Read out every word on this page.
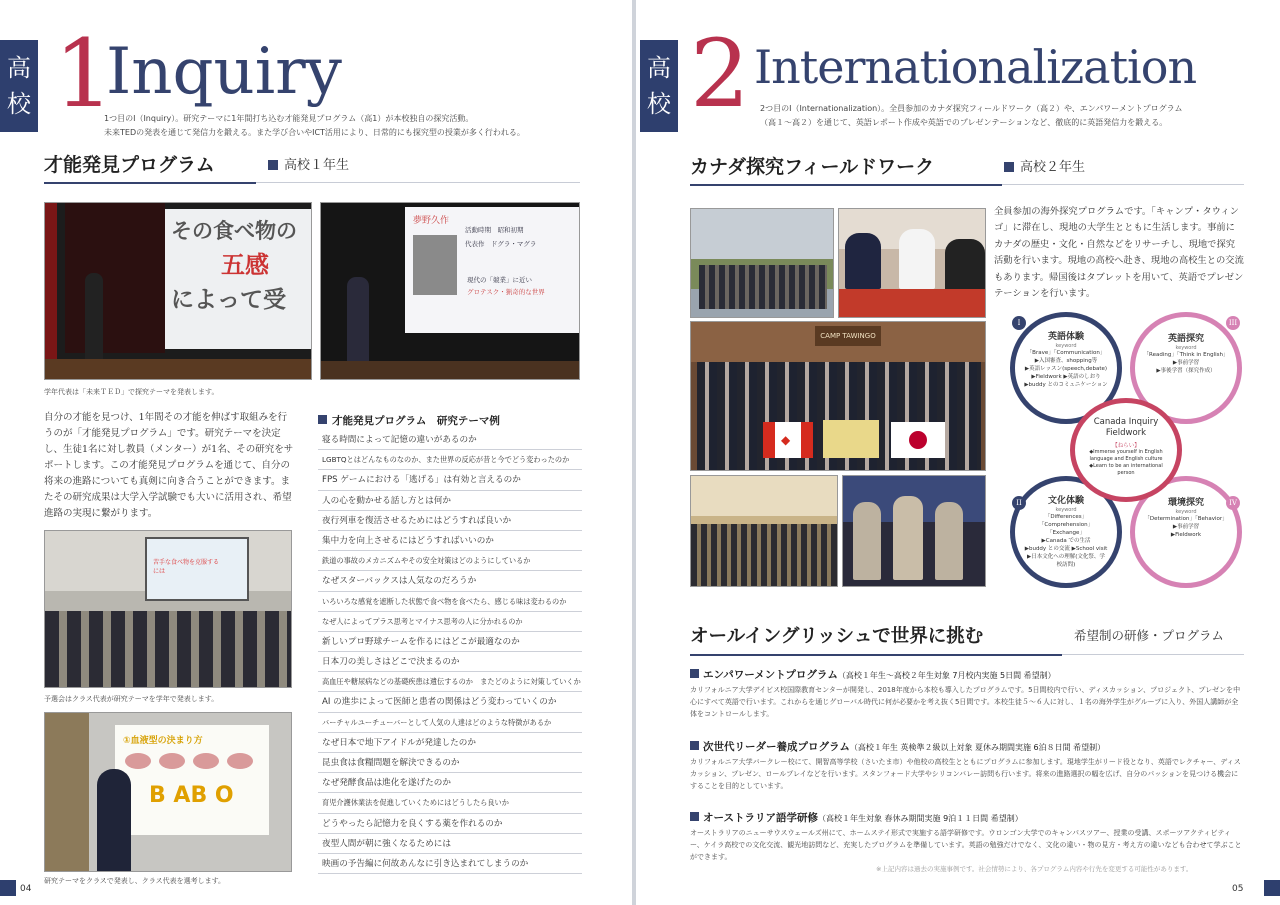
高校 1
Inquiry
1つ目のI（Inquiry）。研究テーマに1年間打ち込む才能発見プログラム（高1）が本校独自の探究活動。
未来TEDの発表を通じて発信力を鍛える。また学び合いやICT活用により、日常的にも探究型の授業が多く行われる。
才能発見プログラム	高校１年生
その食べ物の
五感
によって受
夢野久作
活動時期　 昭和初期
代表作　 ドグラ・マグラ
現代の「競業」に近い
グロテスク・猟奇的な世界
学年代表は「未来ＴＥＤ」で探究テーマを発表します。
自分の才能を見つけ、1年間その才能を伸ばす取組みを行うのが「才能発見プログラム」です。研究テーマを決定し、生徒1名に対し教員（メンター）が1名、その研究をサポートします。この才能発見プログラムを通じて、自分の将来の進路についても真剣に向き合うことができます。またその研究成果は大学入学試験でも大いに活用され、希望進路の実現に繋がります。
苦手な食べ物を克服するには
予選会はクラス代表が研究テーマを学年で発表します。
①血液型の決まり方
B AB O
研究テーマをクラスで発表し、クラス代表を選考します。
才能発見プログラム　研究テーマ例
寝る時間によって記憶の違いがあるのか
LGBTQとはどんなものなのか、また世界の反応が昔と今でどう変わったのか
FPS ゲームにおける「逃げる」は有効と言えるのか
人の心を動かせる話し方とは何か
夜行列車を復活させるためにはどうすれば良いか
集中力を向上させるにはどうすればいいのか
鉄道の事故のメカニズムやその安全対策はどのようにしているか
なぜスターバックスは人気なのだろうか
いろいろな感覚を遮断した状態で食べ物を食べたら、感じる味は変わるのか
なぜ人によってプラス思考とマイナス思考の人に分かれるのか
新しいプロ野球チームを作るにはどこが最適なのか
日本刀の美しさはどこで決まるのか
高血圧や糖尿病などの基礎疾患は遺伝するのか　またどのように対策していくか
AI の進歩によって医師と患者の関係はどう変わっていくのか
バーチャルユーチューバーとして人気の人達はどのような特徴があるか
なぜ日本で地下アイドルが発達したのか
昆虫食は食糧問題を解決できるのか
なぜ発酵食品は進化を遂げたのか
育児介護休業法を促進していくためにはどうしたら良いか
どうやったら記憶力を良くする薬を作れるのか
夜型人間が朝に強くなるためには
映画の予告編に何故あんなに引き込まれてしまうのか
04
高校 2 Internationalization
2つ目のI（Internationalization）。全員参加のカナダ探究フィールドワーク（高２）や、エンパワーメントプログラム
（高１～高２）を通じて、英語レポート作成や英語でのプレゼンテーションなど、徹底的に英語発信力を鍛える。
カナダ探究フィールドワーク	高校２年生
CAMP TAWINGO
◆
全員参加の海外探究プログラムです。「キャンプ・タウィンゴ」に滞在し、現地の大学生とともに生活します。事前にカナダの歴史・文化・自然などをリサーチし、現地で探究活動を行います。現地の高校へ赴き、現地の高校生との交流もあります。帰国後はタブレットを用いて、英語でプレゼンテーションを行います。
英語体験
keyword
「Brave」「Communication」
▶入国審査、shopping等
▶英語レッスン(speech,debate)
▶Fieldwork ▶英語のしおり
▶buddy とのコミュニケーション
I
英語探究
keyword
「Reading」「Think in English」
▶事前学習
▶事後学習（探究作成）
III
Canada Inquiry Fieldwork
【ねらい】
◆Immerse yourself in English language and English culture
◆Learn to be an international person
文化体験
keyword
「Differences」「Comprehension」「Exchange」
▶Canada での生活
▶buddy との交流 ▶School visit
▶日本文化への理解(文化祭、学校訪問)
II	環境探究
keyword
「Determination」「Behavior」
▶事前学習
▶Fieldwork
IV
オールイングリッシュで世界に挑む	希望制の研修・プログラム
エンパワーメントプログラム（高校１年生～高校２年生対象 7月校内実施 5日間 希望制）
カリフォルニア大学デイビス校国際教育センターが開発し、2018年度から本校も導入したプログラムです。5日間校内で行い、ディスカッション、プロジェクト、プレゼンを中心にすべて英語で行います。これからを通じグローバル時代に何が必要かを考え抜く5日間です。本校生徒５～６人に対し、１名の海外学生がグループに入り、外国人講師が全体をコントロールします。
次世代リーダー養成プログラム（高校１年生 英検準２級以上対象 夏休み期間実施 6泊８日間 希望制）
カリフォルニア大学バークレー校にて、開智高等学校（さいたま市）や他校の高校生とともにプログラムに参加します。現地学生がリード役となり、英語でレクチャー、ディスカッション、プレゼン、ロールプレイなどを行います。スタンフォード大学やシリコンバレー訪問も行います。将来の進路選択の幅を広げ、自分のパッションを見つける機会にすることを目的としています。
オーストラリア語学研修（高校１年生対象 春休み期間実施 9泊１１日間 希望制）
オーストラリアのニューサウスウェールズ州にて、ホームステイ形式で実施する語学研修です。ウロンゴン大学でのキャンパスツアー、授業の受講、スポーツアクティビティー、ケイラ高校での文化交流、観光地訪問など、充実したプログラムを準備しています。英語の勉強だけでなく、文化の違い・物の見方・考え方の違いなども合わせて学ぶことができます。
※上記内容は過去の実施事例です。社会情勢により、各プログラム内容や行先を変更する可能性があります。
05
